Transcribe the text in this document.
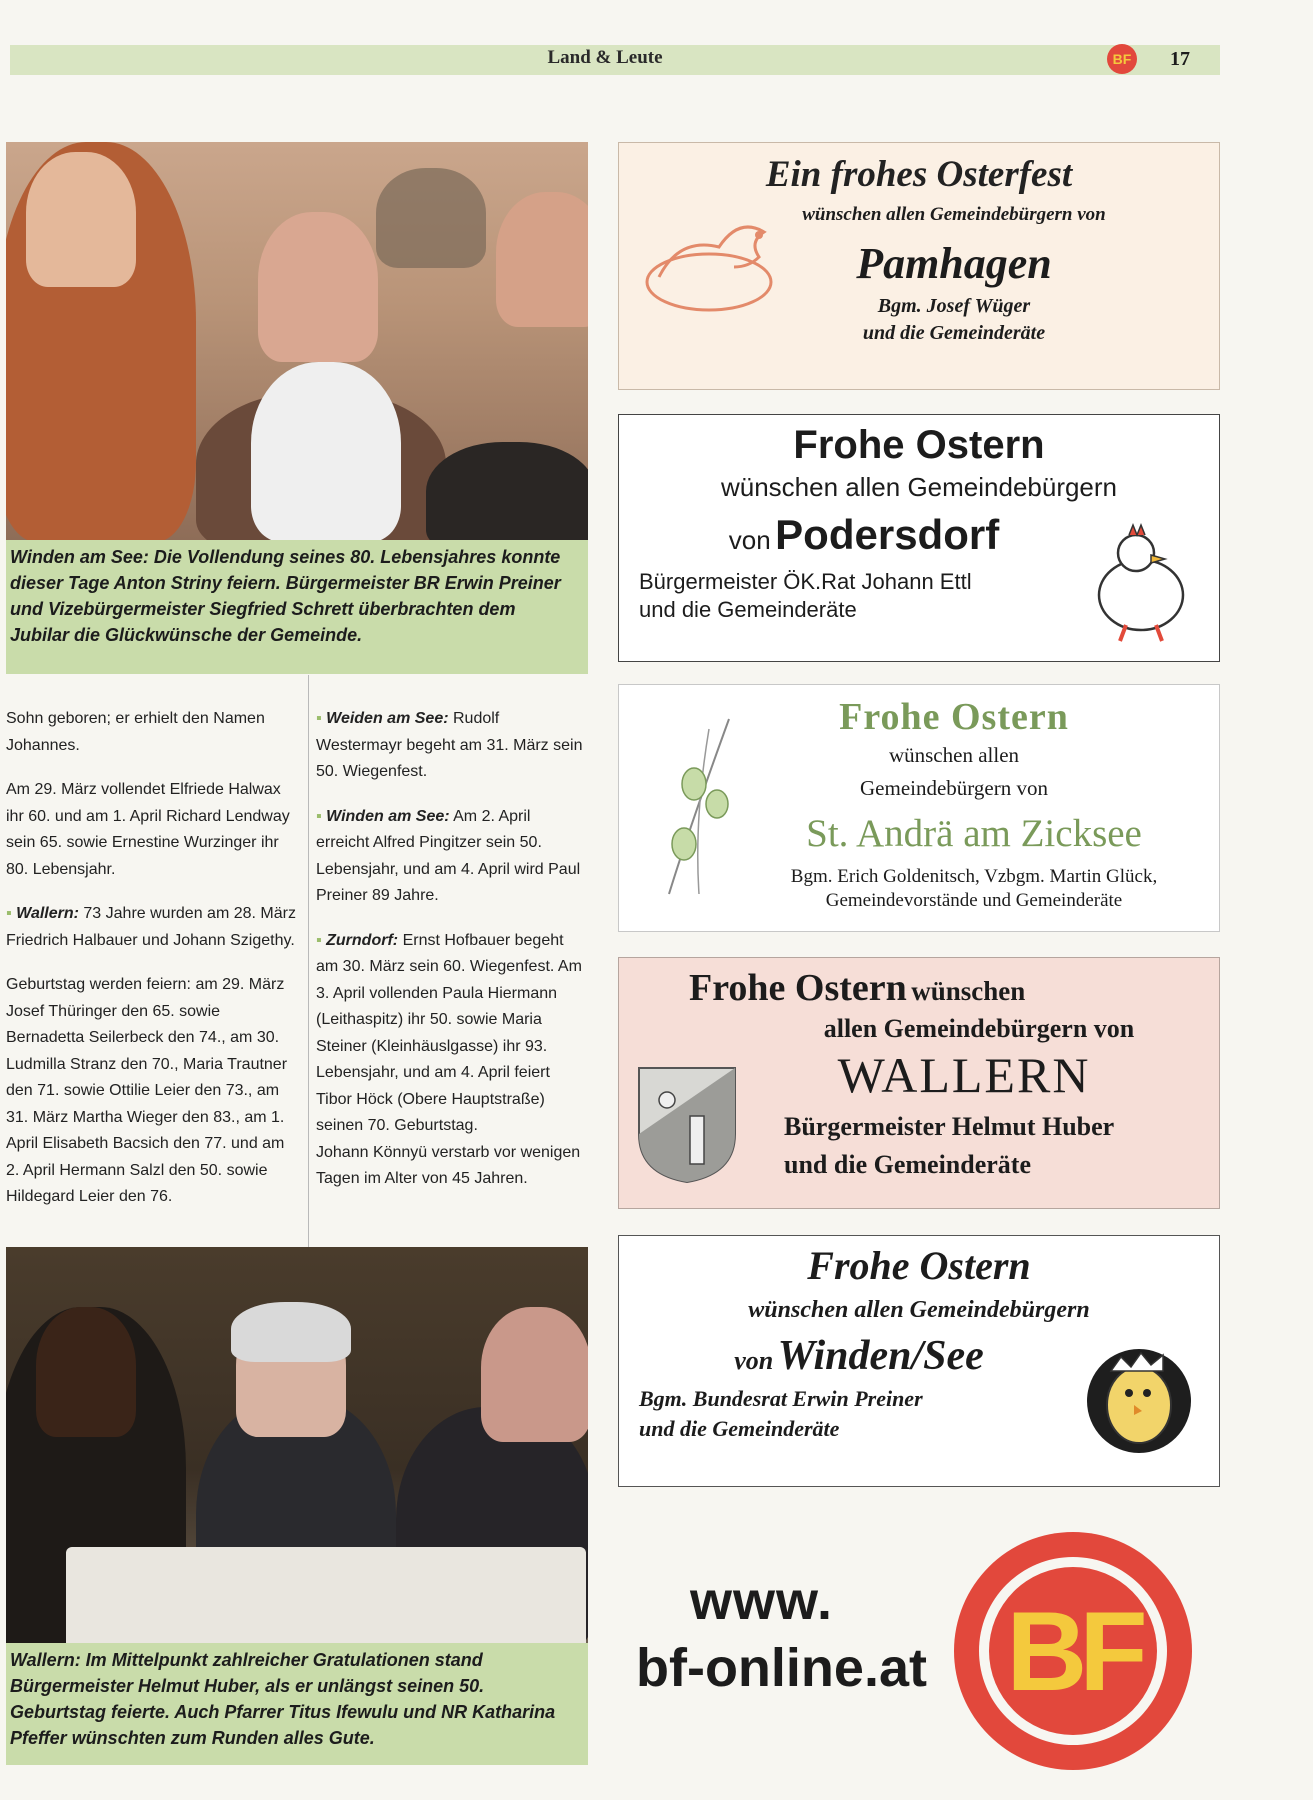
Land & Leute	BF 17
Winden am See: Die Vollendung seines 80. Lebensjahres konnte dieser Tage Anton Striny feiern. Bürgermeister BR Erwin Preiner und Vizebürgermeister Siegfried Schrett überbrachten dem Jubilar die Glückwünsche der Gemeinde.

Sohn geboren; er erhielt den Namen Johannes.

Am 29. März vollendet Elfriede Halwax ihr 60. und am 1. April Richard Lendway sein 65. sowie Ernestine Wurzinger ihr 80. Lebensjahr.

▪ Wallern: 73 Jahre wurden am 28. März Friedrich Halbauer und Johann Szigethy.

Geburtstag werden feiern: am 29. März Josef Thüringer den 65. sowie Bernadetta Seilerbeck den 74., am 30. Ludmilla Stranz den 70., Maria Trautner den 71. sowie Ottilie Leier den 73., am 31. März Martha Wieger den 83., am 1. April Elisabeth Bacsich den 77. und am 2. April Hermann Salzl den 50. sowie Hildegard Leier den 76.

▪ Weiden am See: Rudolf Westermayr begeht am 31. März sein 50. Wiegenfest.

▪ Winden am See: Am 2. April erreicht Alfred Pingitzer sein 50. Lebensjahr, und am 4. April wird Paul Preiner 89 Jahre.

▪ Zurndorf: Ernst Hofbauer begeht am 30. März sein 60. Wiegenfest. Am 3. April vollenden Paula Hiermann (Leithaspitz) ihr 50. sowie Maria Steiner (Kleinhäuslgasse) ihr 93. Lebensjahr, und am 4. April feiert Tibor Höck (Obere Hauptstraße) seinen 70. Geburtstag.

Johann Könnyü verstarb vor wenigen Tagen im Alter von 45 Jahren.

Wallern: Im Mittelpunkt zahlreicher Gratulationen stand Bürgermeister Helmut Huber, als er unlängst seinen 50. Geburtstag feierte. Auch Pfarrer Titus Ifewulu und NR Katharina Pfeffer wünschten zum Runden alles Gute.
Ein frohes Osterfest
wünschen allen Gemeindebürgern von
Pamhagen
Bgm. Josef Wüger
und die Gemeinderäte
Frohe Ostern
wünschen allen Gemeindebürgern
von Podersdorf
Bürgermeister ÖK.Rat Johann Ettl
und die Gemeinderäte
Frohe Ostern
wünschen allen
Gemeindebürgern von
St. Andrä am Zicksee
Bgm. Erich Goldenitsch, Vzbgm. Martin Glück,
Gemeindevorstände und Gemeinderäte
Frohe Ostern wünschen
allen Gemeindebürgern von
WALLERN
Bürgermeister Helmut Huber
und die Gemeinderäte
Frohe Ostern
wünschen allen Gemeindebürgern
von Winden/See
Bgm. Bundesrat Erwin Preiner
und die Gemeinderäte
www.
bf-online.at BF
